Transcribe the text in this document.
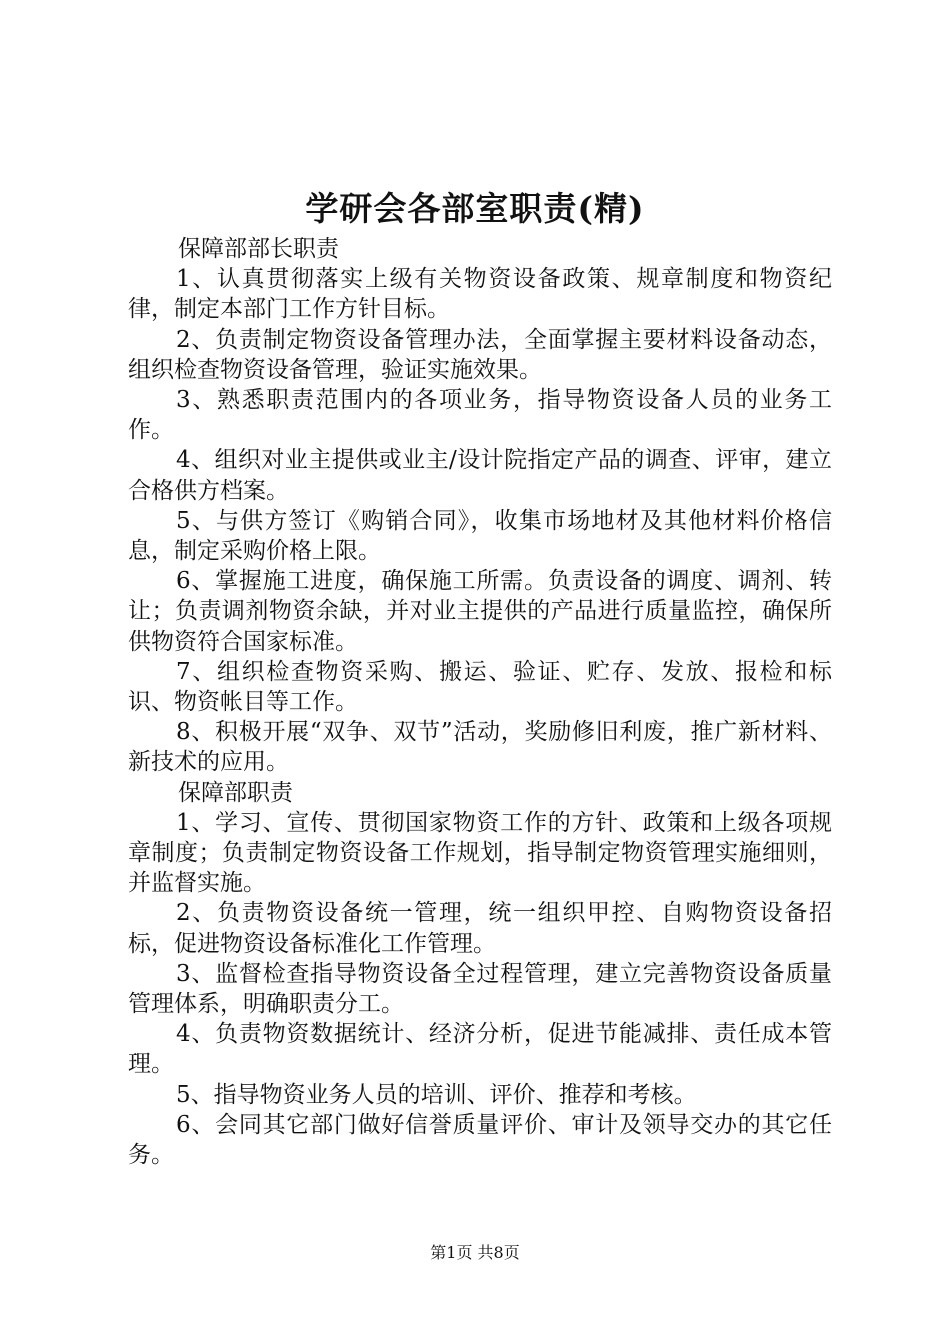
学研会各部室职责(精)

保障部部长职责

1、认真贯彻落实上级有关物资设备政策、规章制度和物资纪律，制定本部门工作方针目标。

2、负责制定物资设备管理办法，全面掌握主要材料设备动态，组织检查物资设备管理，验证实施效果。

3、熟悉职责范围内的各项业务，指导物资设备人员的业务工作。

4、组织对业主提供或业主/设计院指定产品的调查、评审，建立合格供方档案。

5、与供方签订《购销合同》，收集市场地材及其他材料价格信息，制定采购价格上限。

6、掌握施工进度，确保施工所需。负责设备的调度、调剂、转让；负责调剂物资余缺，并对业主提供的产品进行质量监控，确保所供物资符合国家标准。

7、组织检查物资采购、搬运、验证、贮存、发放、报检和标识、物资帐目等工作。

8、积极开展“双争、双节”活动，奖励修旧利废，推广新材料、新技术的应用。

保障部职责

1、学习、宣传、贯彻国家物资工作的方针、政策和上级各项规章制度；负责制定物资设备工作规划，指导制定物资管理实施细则，并监督实施。

2、负责物资设备统一管理，统一组织甲控、自购物资设备招标，促进物资设备标准化工作管理。

3、监督检查指导物资设备全过程管理，建立完善物资设备质量管理体系，明确职责分工。

4、负责物资数据统计、经济分析，促进节能减排、责任成本管理。

5、指导物资业务人员的培训、评价、推荐和考核。

6、会同其它部门做好信誉质量评价、审计及领导交办的其它任务。

第1页 共8页
